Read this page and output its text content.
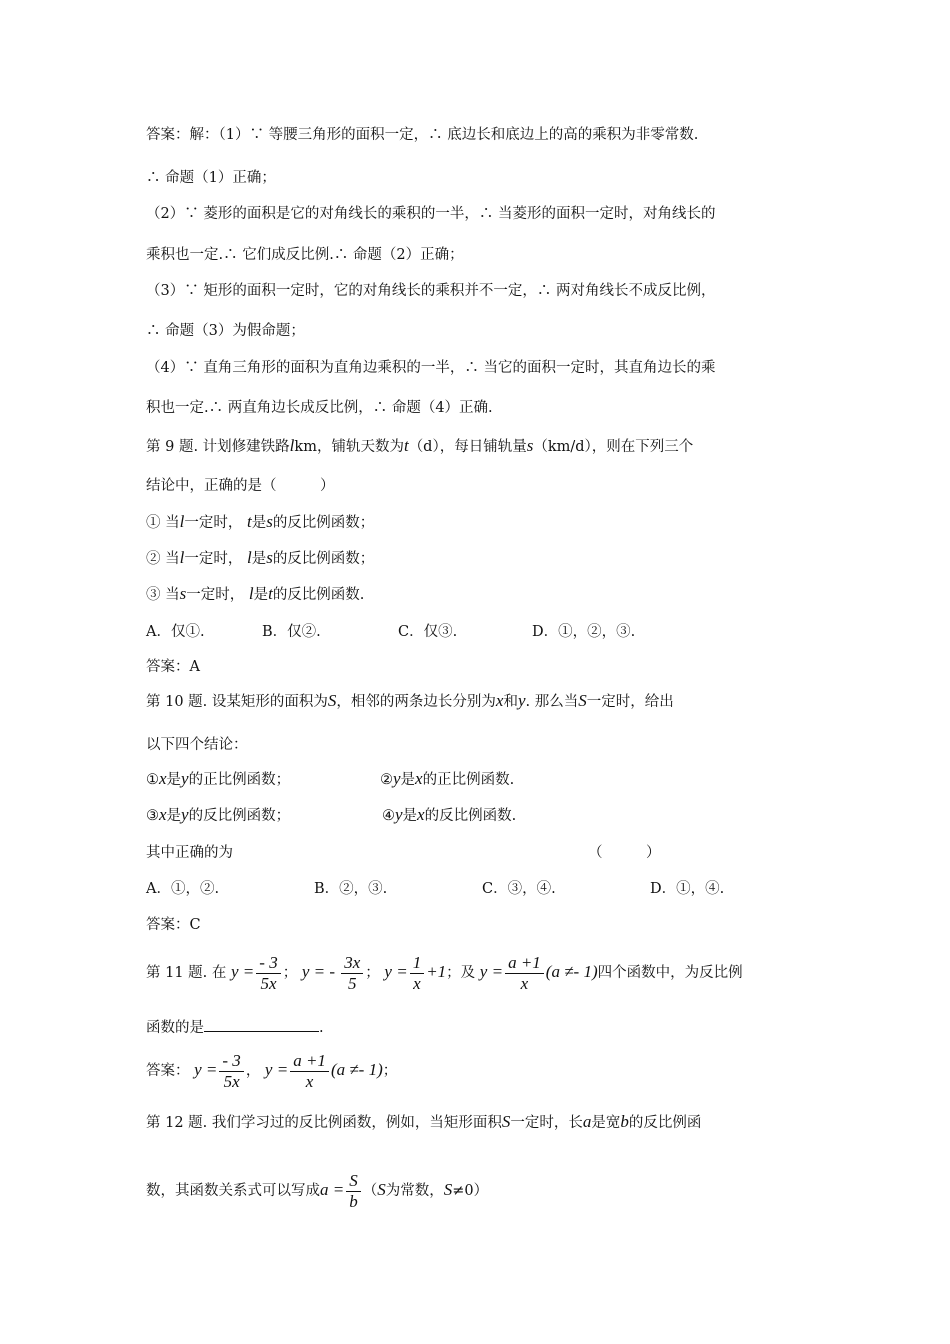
答案：解：（1）∵ 等腰三角形的面积一定，∴ 底边长和底边上的高的乘积为非零常数.
∴ 命题（1）正确；
（2）∵ 菱形的面积是它的对角线长的乘积的一半，∴ 当菱形的面积一定时，对角线长的
乘积也一定.∴ 它们成反比例.∴ 命题（2）正确；
（3）∵ 矩形的面积一定时，它的对角线长的乘积并不一定，∴ 两对角线长不成反比例，
∴ 命题（3）为假命题；
（4）∵ 直角三角形的面积为直角边乘积的一半，∴ 当它的面积一定时，其直角边长的乘
积也一定.∴ 两直角边长成反比例，∴ 命题（4）正确.
第 9 题. 计划修建铁路lkm，铺轨天数为t（d），每日铺轨量s（km/d），则在下列三个
结论中，正确的是（　　　）
① 当l一定时， t是s的反比例函数；
② 当l一定时， l是s的反比例函数；
③ 当s一定时， l是t的反比例函数.
A．仅①.	B．仅②.	C．仅③.	D．①，②，③.
答案：A
第 10 题. 设某矩形的面积为S，相邻的两条边长分别为x和y. 那么当S一定时，给出
以下四个结论：
①x是y的正比例函数；	②y是x的正比例函数.
③x是y的反比例函数；	④y是x的反比例函数.
其中正确的为	（　　　）
A．①，②.	B．②，③.	C．③，④.	D．①，④.
答案：C
第 11 题. 在 $y = \frac{- 3}{5x}$ ； y = - $\frac{3x}{5}$ ； $y = \frac{1}{x} +1$；及 $y = \frac{a +1}{x} (a \ne- 1)$四个函数中，为反比例
函数的是	.
答案： $y = \frac{- 3}{5x}$ ， $y = \frac{a +1}{x} (a \ne- 1)$；
第 12 题. 我们学习过的反比例函数，例如，当矩形面积S一定时，长a是宽b的反比例函
数，其函数关系式可以写成$a = \frac{S}{b} (S$为常数，S≠0）
